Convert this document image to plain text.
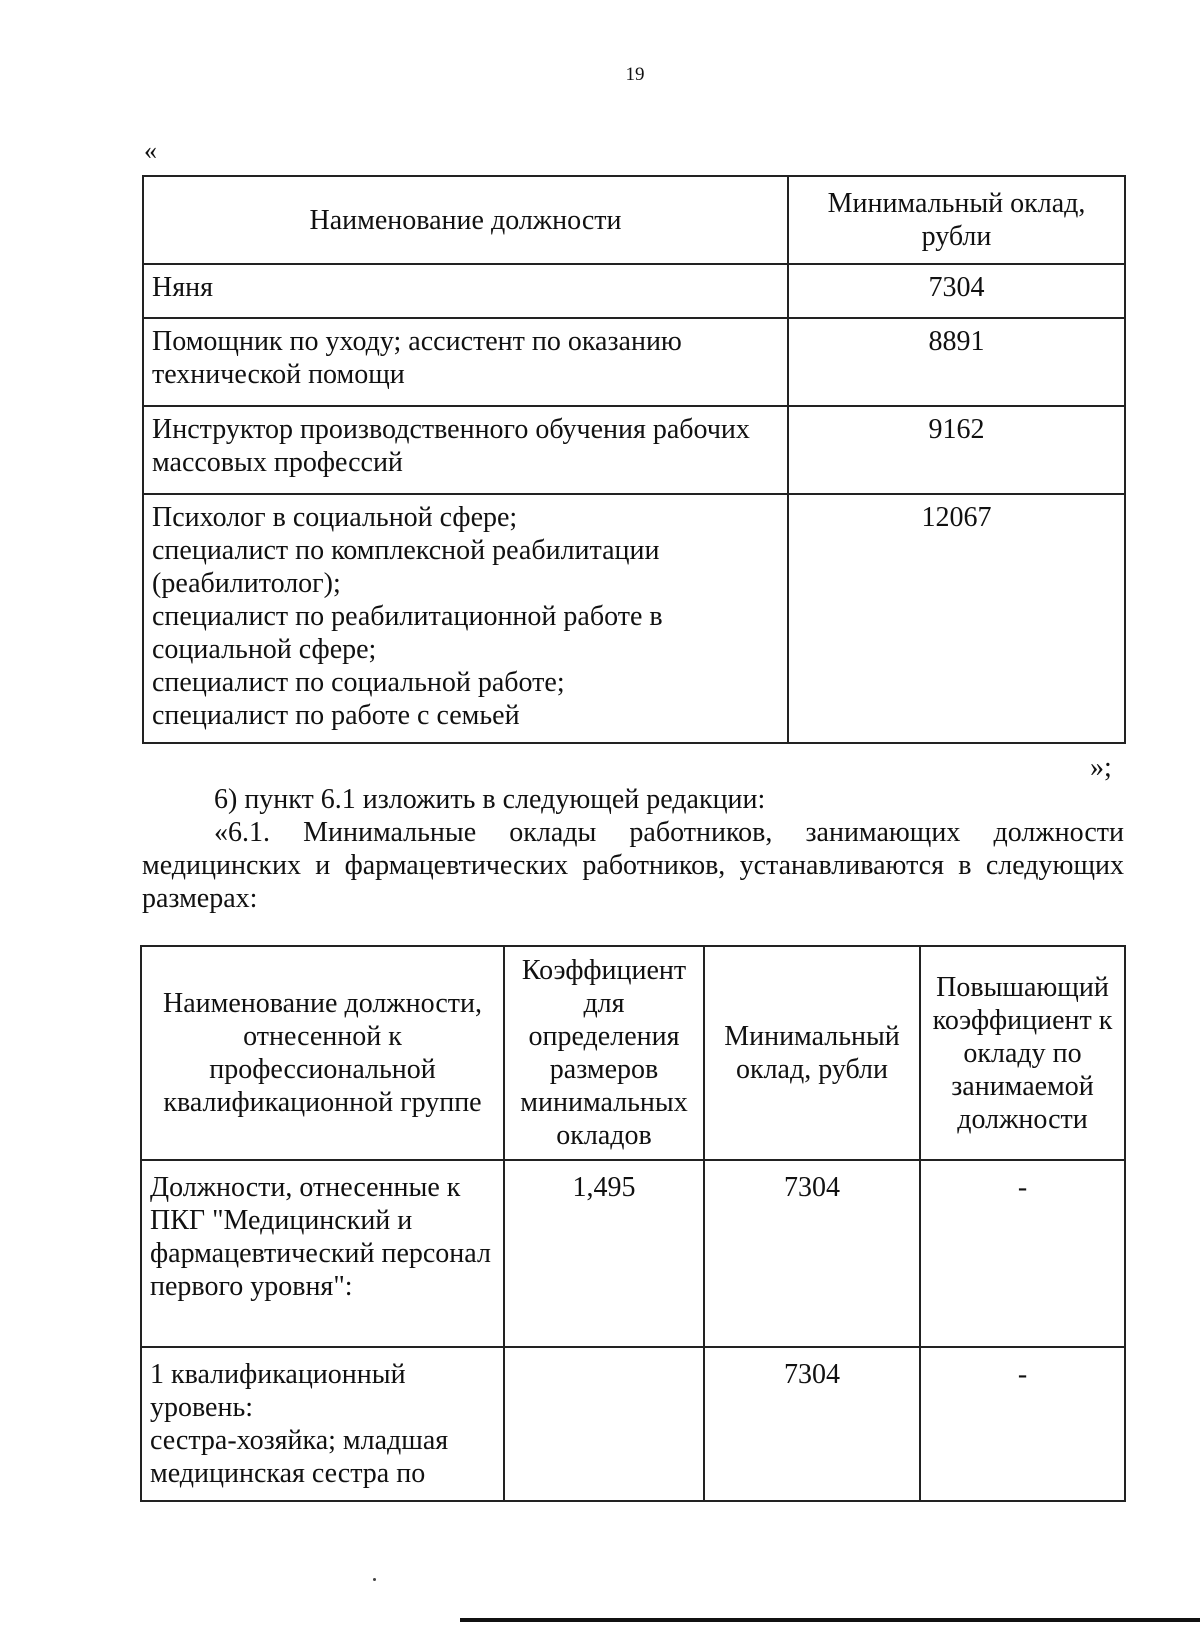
19
«
Наименование должности	Минимальный оклад, рубли
Няня	7304
Помощник по уходу; ассистент по оказанию технической помощи	8891
Инструктор производственного обучения рабочих массовых профессий	9162
Психолог в социальной сфере;
специалист по комплексной реабилитации (реабилитолог);
специалист по реабилитационной работе в социальной сфере;
специалист по социальной работе;
специалист по работе с семьей	12067
»;
6) пункт 6.1 изложить в следующей редакции:
«6.1. Минимальные оклады работников, занимающих должности медицинских и фармацевтических работников, устанавливаются в следующих размерах:
Наименование должности, отнесенной к профессиональной квалификационной группе	Коэффициент для определения размеров минимальных окладов	Минимальный оклад, рубли	Повышающий коэффициент к окладу по занимаемой должности
Должности, отнесенные к ПКГ "Медицинский и фармацевтический персонал первого уровня":	1,495	7304	-
1 квалификационный уровень:
сестра-хозяйка; младшая медицинская сестра по		7304	-
